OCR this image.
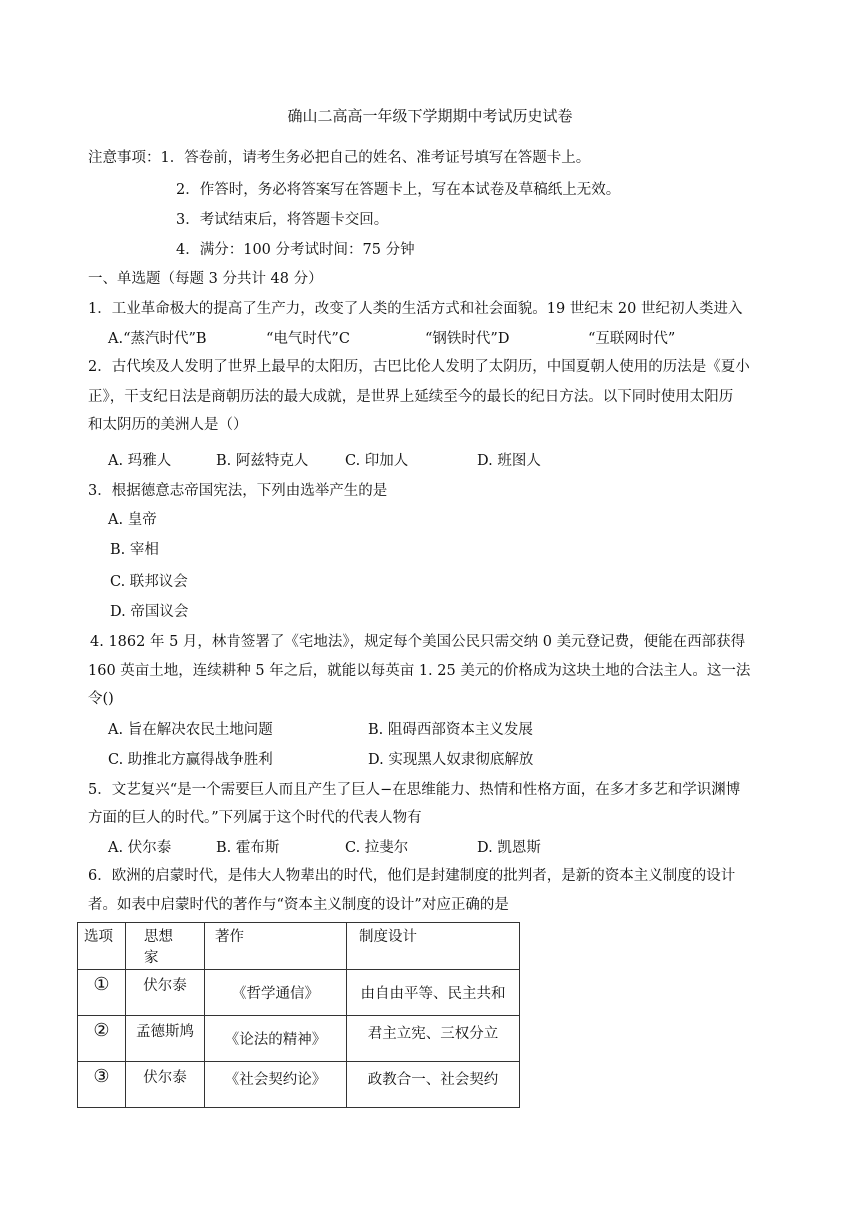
确山二高高一年级下学期期中考试历史试卷
注意事项：1．答卷前，请考生务必把自己的姓名、准考证号填写在答题卡上。
2．作答时，务必将答案写在答题卡上，写在本试卷及草稿纸上无效。
3．考试结束后，将答题卡交回。
4．满分：100 分考试时间：75 分钟
一、单选题（每题 3 分共计 48 分）
1．工业革命极大的提高了生产力，改变了人类的生活方式和社会面貌。19 世纪末 20 世纪初人类进入
A.“蒸汽时代”B	“电气时代”C	“钢铁时代”D	“互联网时代”
2．古代埃及人发明了世界上最早的太阳历，古巴比伦人发明了太阴历，中国夏朝人使用的历法是《夏小
正》，干支纪日法是商朝历法的最大成就，是世界上延续至今的最长的纪日方法。以下同时使用太阳历
和太阴历的美洲人是（）
A. 玛雅人	B. 阿兹特克人	C. 印加人	D. 班图人
3．根据德意志帝国宪法，下列由选举产生的是
A. 皇帝
B. 宰相
C. 联邦议会
D. 帝国议会
4. 1862 年 5 月，林肯签署了《宅地法》，规定每个美国公民只需交纳 0 美元登记费，便能在西部获得
160 英亩土地，连续耕种 5 年之后，就能以每英亩 1. 25 美元的价格成为这块土地的合法主人。这一法
令()
A. 旨在解决农民土地问题	B. 阻碍西部资本主义发展
C. 助推北方赢得战争胜利	D. 实现黑人奴隶彻底解放
5．文艺复兴“是一个需要巨人而且产生了巨人−在思维能力、热情和性格方面，在多才多艺和学识渊博
方面的巨人的时代。”下列属于这个时代的代表人物有
A. 伏尔泰	B. 霍布斯	C. 拉斐尔	D. 凯恩斯
6．欧洲的启蒙时代，是伟大人物辈出的时代，他们是封建制度的批判者，是新的资本主义制度的设计
者。如表中启蒙时代的著作与“资本主义制度的设计”对应正确的是
选项	思想家	著作	制度设计

①	伏尔泰	《哲学通信》	由自由平等、民主共和

②	孟德斯鸠	《论法的精神》	君主立宪、三权分立

③	伏尔泰	《社会契约论》	政教合一、社会契约
